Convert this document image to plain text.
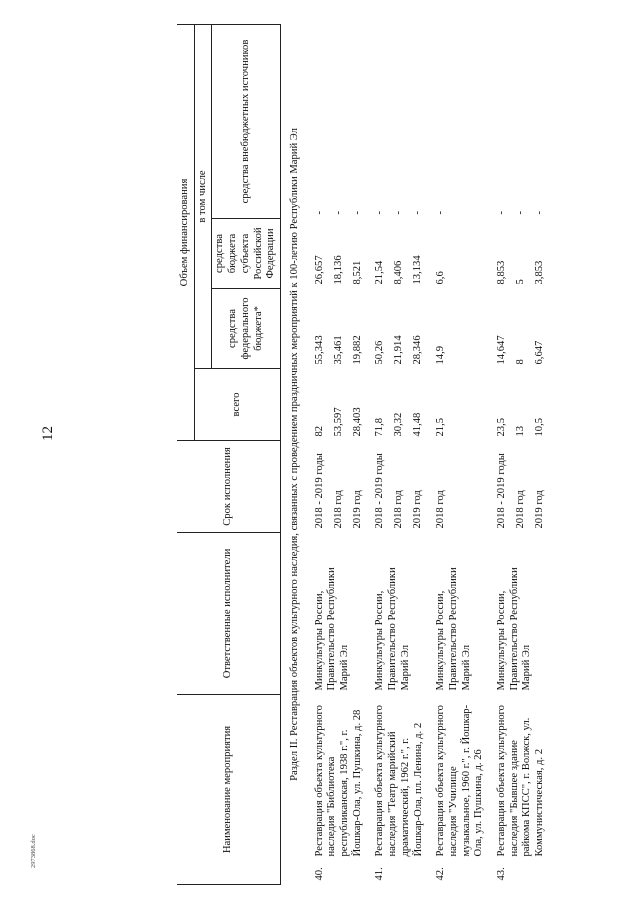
12
2973868.doc	Наименование мероприятия	Ответственные исполнители	Срок исполнения	Объем финансирования			
			всего	в том числе		
				средства федерального бюджета*	средства бюджета субъекта Российской Федерации	средства внебюджетных источников
Раздел II. Реставрация объектов культурного наследия, связанных с проведением праздничных мероприятий к 100-летию Республики Марий Эл						
40.Реставрация объекта культурного наследия "Библиотека республиканская, 1938 г.", г. Йошкар-Ола, ул. Пушкина, д. 28	Минкультуры России, Правительство Республики Марий Эл	2018 - 2019 годы	82	55,343	26,657	-
		2018 год	53,597	35,461	18,136	-
		2019 год	28,403	19,882	8,521	-
41.Реставрация объекта культурного наследия "Театр марийский драматический, 1962 г.", г. Йошкар-Ола, пл. Ленина, д. 2	Минкультуры России, Правительство Республики Марий Эл	2018 - 2019 годы	71,8	50,26	21,54	-
		2018 год	30,32	21,914	8,406	-
		2019 год	41,48	28,346	13,134	-
42.Реставрация объекта культурного наследия "Училище музыкальное, 1960 г.", г. Йошкар-Ола, ул. Пушкина, д. 26	Минкультуры России, Правительство Республики Марий Эл	2018 год	21,5	14,9	6,6	-
43.Реставрация объекта культурного наследия "Бывшее здание райкома КПСС", г. Волжск, ул. Коммунистическая, д. 2	Минкультуры России, Правительство Республики Марий Эл	2018 - 2019 годы	23,5	14,647	8,853	-
		2018 год	13	8	5	-
		2019 год	10,5	6,647	3,853	-
